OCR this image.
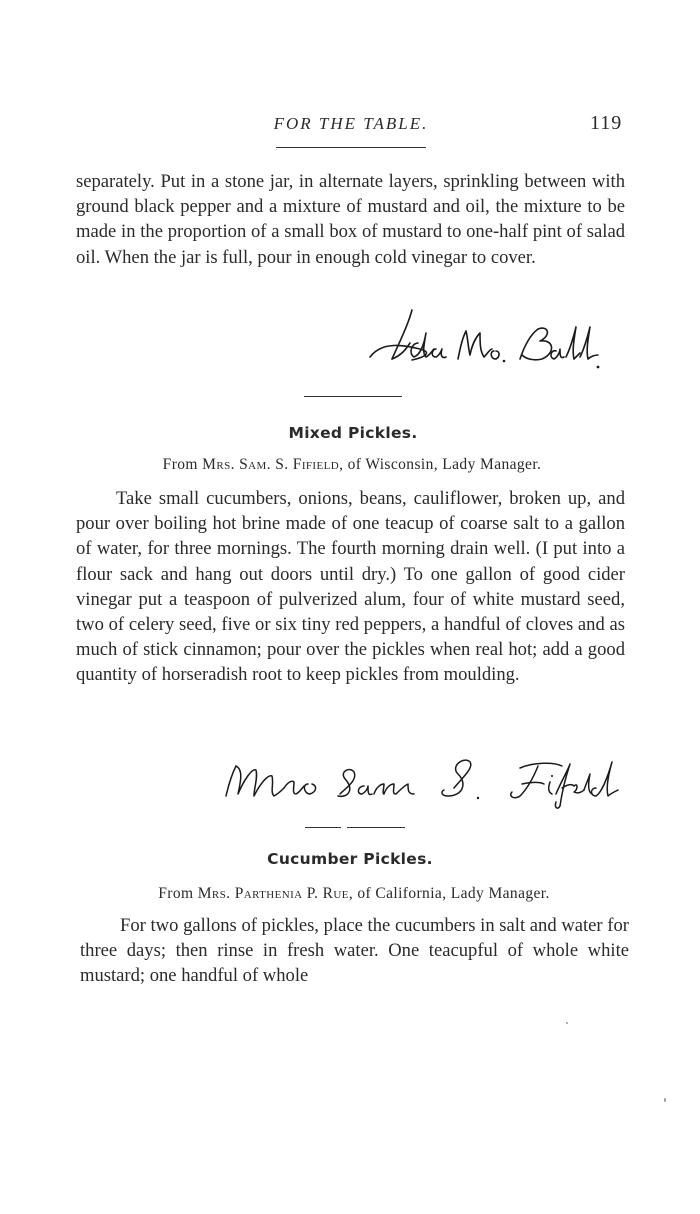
FOR THE TABLE.	119

separately. Put in a stone jar, in alternate layers, sprinkling between with ground black pepper and a mixture of mustard and oil, the mixture to be made in the proportion of a small box of mustard to one-half pint of salad oil. When the jar is full, pour in enough cold vinegar to cover.

Mixed Pickles.
From Mrs. Sam. S. Fifield, of Wisconsin, Lady Manager.

Take small cucumbers, onions, beans, cauliflower, broken up, and pour over boiling hot brine made of one teacup of coarse salt to a gallon of water, for three mornings. The fourth morning drain well. (I put into a flour sack and hang out doors until dry.) To one gallon of good cider vinegar put a teaspoon of pulverized alum, four of white mustard seed, two of celery seed, five or six tiny red peppers, a handful of cloves and as much of stick cinnamon; pour over the pickles when real hot; add a good quantity of horseradish root to keep pickles from moulding.

Cucumber Pickles.
From Mrs. Parthenia P. Rue, of California, Lady Manager.

For two gallons of pickles, place the cucumbers in salt and water for three days; then rinse in fresh water. One teacupful of whole white mustard; one handful of whole
